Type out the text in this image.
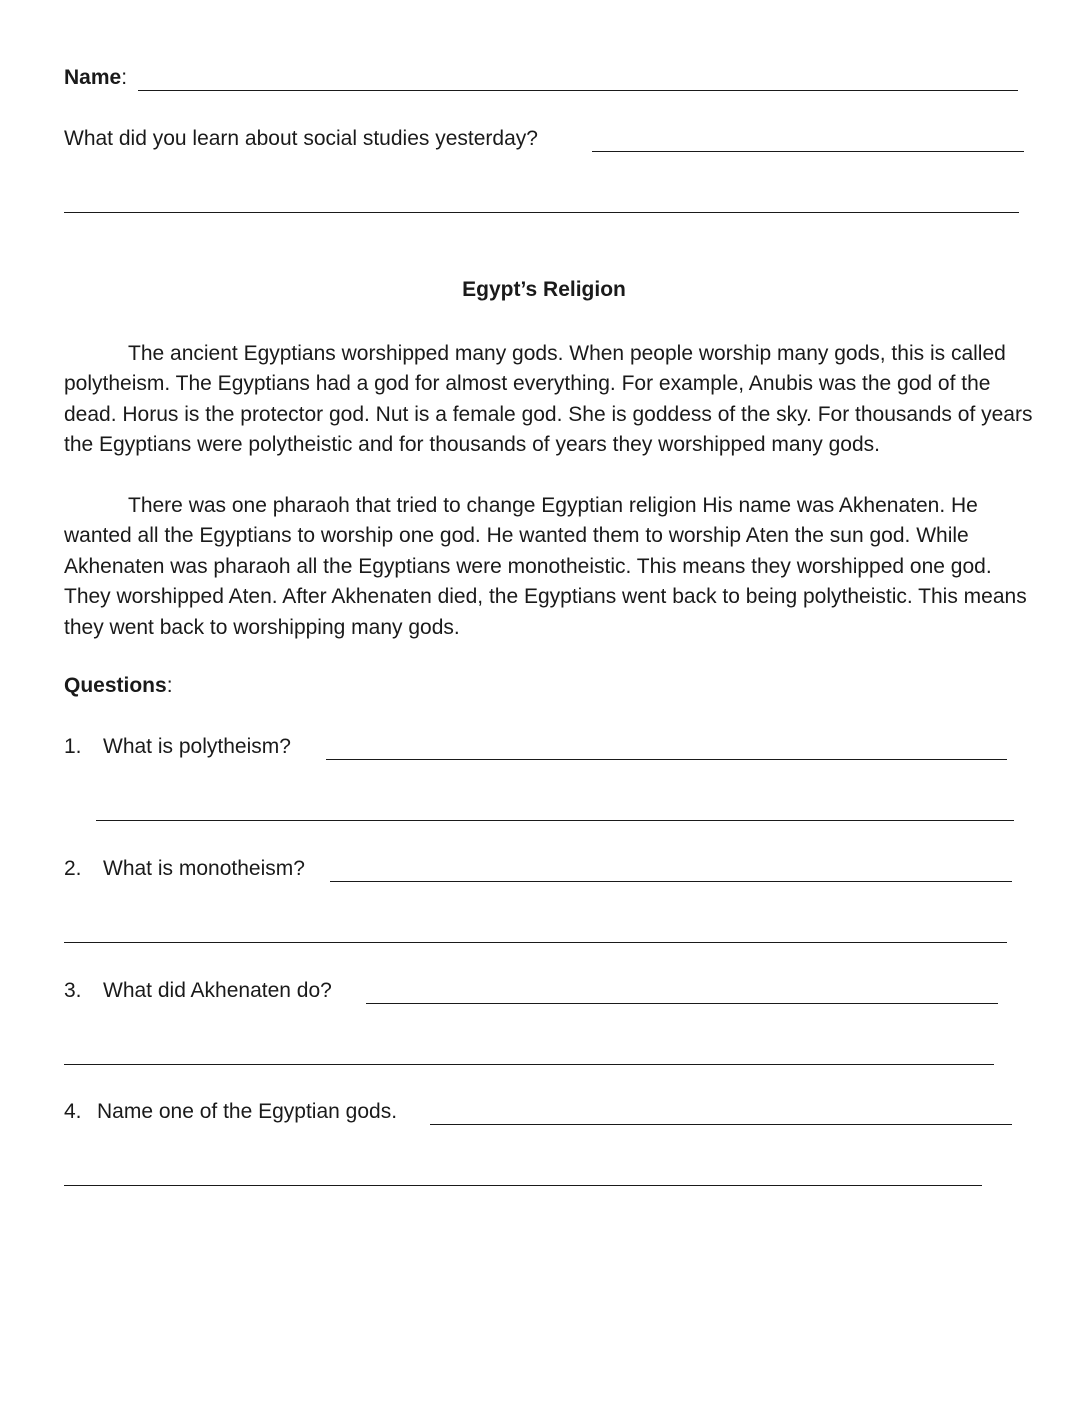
Name:
What did you learn about social studies yesterday?
Egypt’s Religion
The ancient Egyptians worshipped many gods. When people worship many gods, this is called polytheism. The Egyptians had a god for almost everything. For example, Anubis was the god of the dead. Horus is the protector god. Nut is a female god. She is goddess of the sky. For thousands of years the Egyptians were polytheistic and for thousands of years they worshipped many gods.
There was one pharaoh that tried to change Egyptian religion His name was Akhenaten. He wanted all the Egyptians to worship one god. He wanted them to worship Aten the sun god. While Akhenaten was pharaoh all the Egyptians were monotheistic. This means they worshipped one god. They worshipped Aten. After Akhenaten died, the Egyptians went back to being polytheistic. This means they went back to worshipping many gods.
Questions:
1. What is polytheism?
2. What is monotheism?
3. What did Akhenaten do?
4. Name one of the Egyptian gods.
